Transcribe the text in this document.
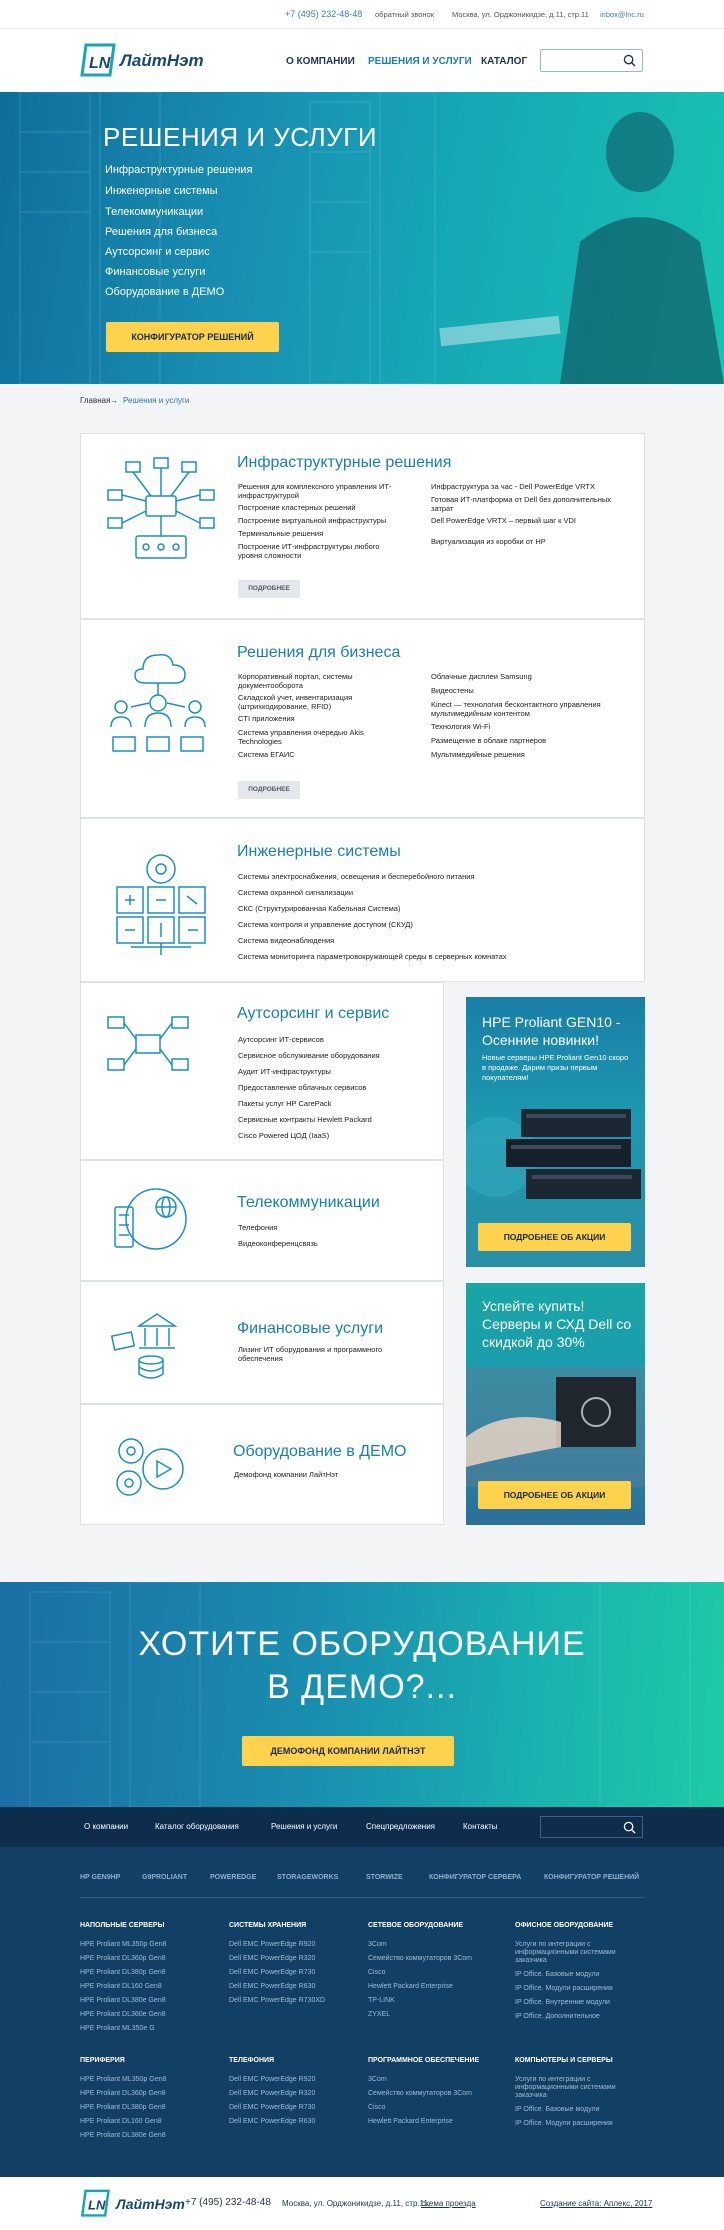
+7 (495) 232-48-48 обратный звонок Москва, ул. Орджоникидзе, д.11, стр.11 inbox@lnc.ru
LN ЛайтНэт	О КОМПАНИИ РЕШЕНИЯ И УСЛУГИ КАТАЛОГ
РЕШЕНИЯ И УСЛУГИ
Инфраструктурные решения
Инженерные системы
Телекоммуникации
Решения для бизнеса
Аутсорсинг и сервис
Финансовые услуги
Оборудование в ДЕМО
КОНФИГУРАТОР РЕШЕНИЙ
Главная → Решения и услуги
Инфраструктурные решения
Решения для комплексного управления ИТ-инфраструктурой
Построение кластерных решений
Построение виртуальной инфраструктуры
Терминальные решения
Построение ИТ-инфраструктуры любого уровня сложности
Инфраструктура за час - Dell PowerEdge VRTX
Готовая ИТ-платформа от Dell без дополнительных затрат
Dell PowerEdge VRTX – первый шаг к VDI
Виртуализация из коробки от HP
ПОДРОБНЕЕ
Решения для бизнеса
Корпоративный портал, системы документооборота
Складской учет, инвентаризация (штрихкодирование, RFID)
CTI приложения
Система управления очередью Akis Technologies
Система ЕГАИС
Облачные дисплеи Samsung
Видеостены
Kinect — технология бесконтактного управления мультимедийным контентом
Технология Wi-Fi
Размещение в облаке партнеров
Мультимедийные решения
ПОДРОБНЕЕ
Инженерные системы
Системы электроснабжения, освещения и бесперебойного питания
Система охранной сигнализации
СКС (Структурированная Кабельная Система)
Система контроля и управление доступом (СКУД)
Система видеонаблюдения
Система мониторинга параметровокружающей среды в серверных комнатах
Аутсорсинг и сервис
Аутсорсинг ИТ-сервисов
Сервисное обслуживание оборудования
Аудит ИТ-инфраструктуры
Предоставление облачных сервисов
Пакеты услуг HP CarePack
Сервисные контракты Hewlett Packard
Cisco Powered ЦОД (IaaS)
Телекоммуникации
Телефония
Видеоконференцсвязь
Финансовые услуги
Лизинг ИТ оборудования и программного обеспечения
Оборудование в ДЕМО
Демофонд компании ЛайтНэт
HPE Proliant GEN10 - Осенние новинки!
Новые серверы HPE Proliant Gen10 скоро в продаже. Дарим призы первым покупателям!
ПОДРОБНЕЕ ОБ АКЦИИ
Успейте купить! Серверы и СХД Dell со скидкой до 30%
ПОДРОБНЕЕ ОБ АКЦИИ
ХОТИТЕ ОБОРУДОВАНИЕ
В ДЕМО?...
ДЕМОФОНД КОМПАНИИ ЛАЙТНЭТ
О компании	Каталог оборудования	Решения и услуги	Спецпредложения	Контакты
HP GEN9HP	G9PROLIANT	POWEREDGE	STORAGEWORKS	STORWIZE	КОНФИГУРАТОР СЕРВЕРА	КОНФИГУРАТОР РЕШЕНИЙ
НАПОЛЬНЫЕ СЕРВЕРЫ
HPE Proliant ML350p Gen8
HPE Proliant DL360p Gen8
HPE Proliant DL380p Gen8
HPE Proliant DL160 Gen8
HPE Proliant DL380e Gen8
HPE Proliant DL360e Gen8
HPE Proliant ML350e G
СИСТЕМЫ ХРАНЕНИЯ
Dell EMC PowerEdge R920
Dell EMC PowerEdge R320
Dell EMC PowerEdge R730
Dell EMC PowerEdge R630
Dell EMC PowerEdge R730XD
СЕТЕВОЕ ОБОРУДОВАНИЕ
3Com
Семейство коммутаторов 3Com
Cisco
Hewlett Packard Enterprise
TP-LINK
ZYXEL
ОФИСНОЕ ОБОРУДОВАНИЕ
Услуги по интеграции с
информационными системами
заказчика
IP Office. Базовые модули
IP Office. Модули расширения
IP Office. Внутренние модули
IP Office. Дополнительное
ПЕРИФЕРИЯ
HPE Proliant ML350p Gen8
HPE Proliant DL360p Gen8
HPE Proliant DL380p Gen8
HPE Proliant DL160 Gen8
HPE Proliant DL380e Gen8
ТЕЛЕФОНИЯ
Dell EMC PowerEdge R920
Dell EMC PowerEdge R320
Dell EMC PowerEdge R730
Dell EMC PowerEdge R630
ПРОГРАММНОЕ ОБЕСПЕЧЕНИЕ
3Com
Семейство коммутаторов 3Com
Cisco
Hewlett Packard Enterprise
КОМПЬЮТЕРЫ И СЕРВЕРЫ
Услуги по интеграции с
информационными системами
заказчика
IP Office. Базовые модули
IP Office. Модули расширения
LN ЛайтНэт +7 (495) 232-48-48 Москва, ул. Орджоникидзе, д.11, стр.11,
схема проезда	Создание сайта: Аплекс, 2017
